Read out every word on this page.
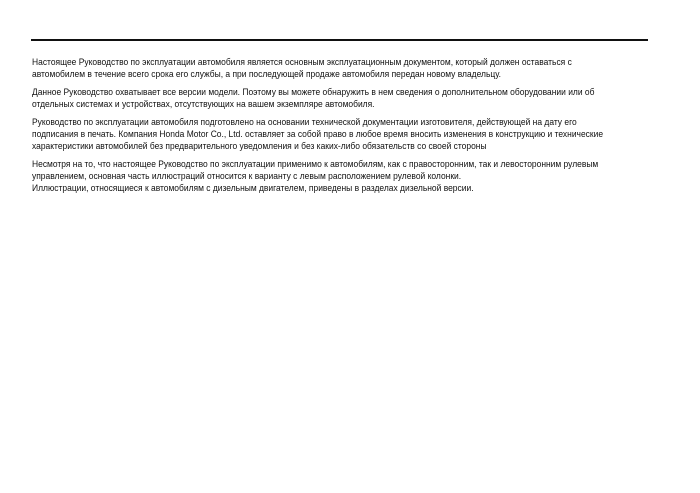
Настоящее Руководство по эксплуатации автомобиля является основным эксплуатационным документом, который должен оставаться с
автомобилем в течение всего срока его службы, а при последующей продаже автомобиля передан новому владельцу.

Данное Руководство охватывает все версии модели. Поэтому вы можете обнаружить в нем сведения о дополнительном оборудовании или об
отдельных системах и устройствах, отсутствующих на вашем экземпляре автомобиля.

Руководство по эксплуатации автомобиля подготовлено на основании технической документации изготовителя, действующей на дату его
подписания в печать. Компания Honda Motor Co., Ltd. оставляет за собой право в любое время вносить изменения в конструкцию и технические
характеристики автомобилей без предварительного уведомления и без каких-либо обязательств со своей стороны

Несмотря на то, что настоящее Руководство по эксплуатации применимо к автомобилям, как с правосторонним, так и левосторонним рулевым
управлением, основная часть иллюстраций относится к варианту с левым расположением рулевой колонки.
Иллюстрации, относящиеся к автомобилям с дизельным двигателем, приведены в разделах дизельной версии.
